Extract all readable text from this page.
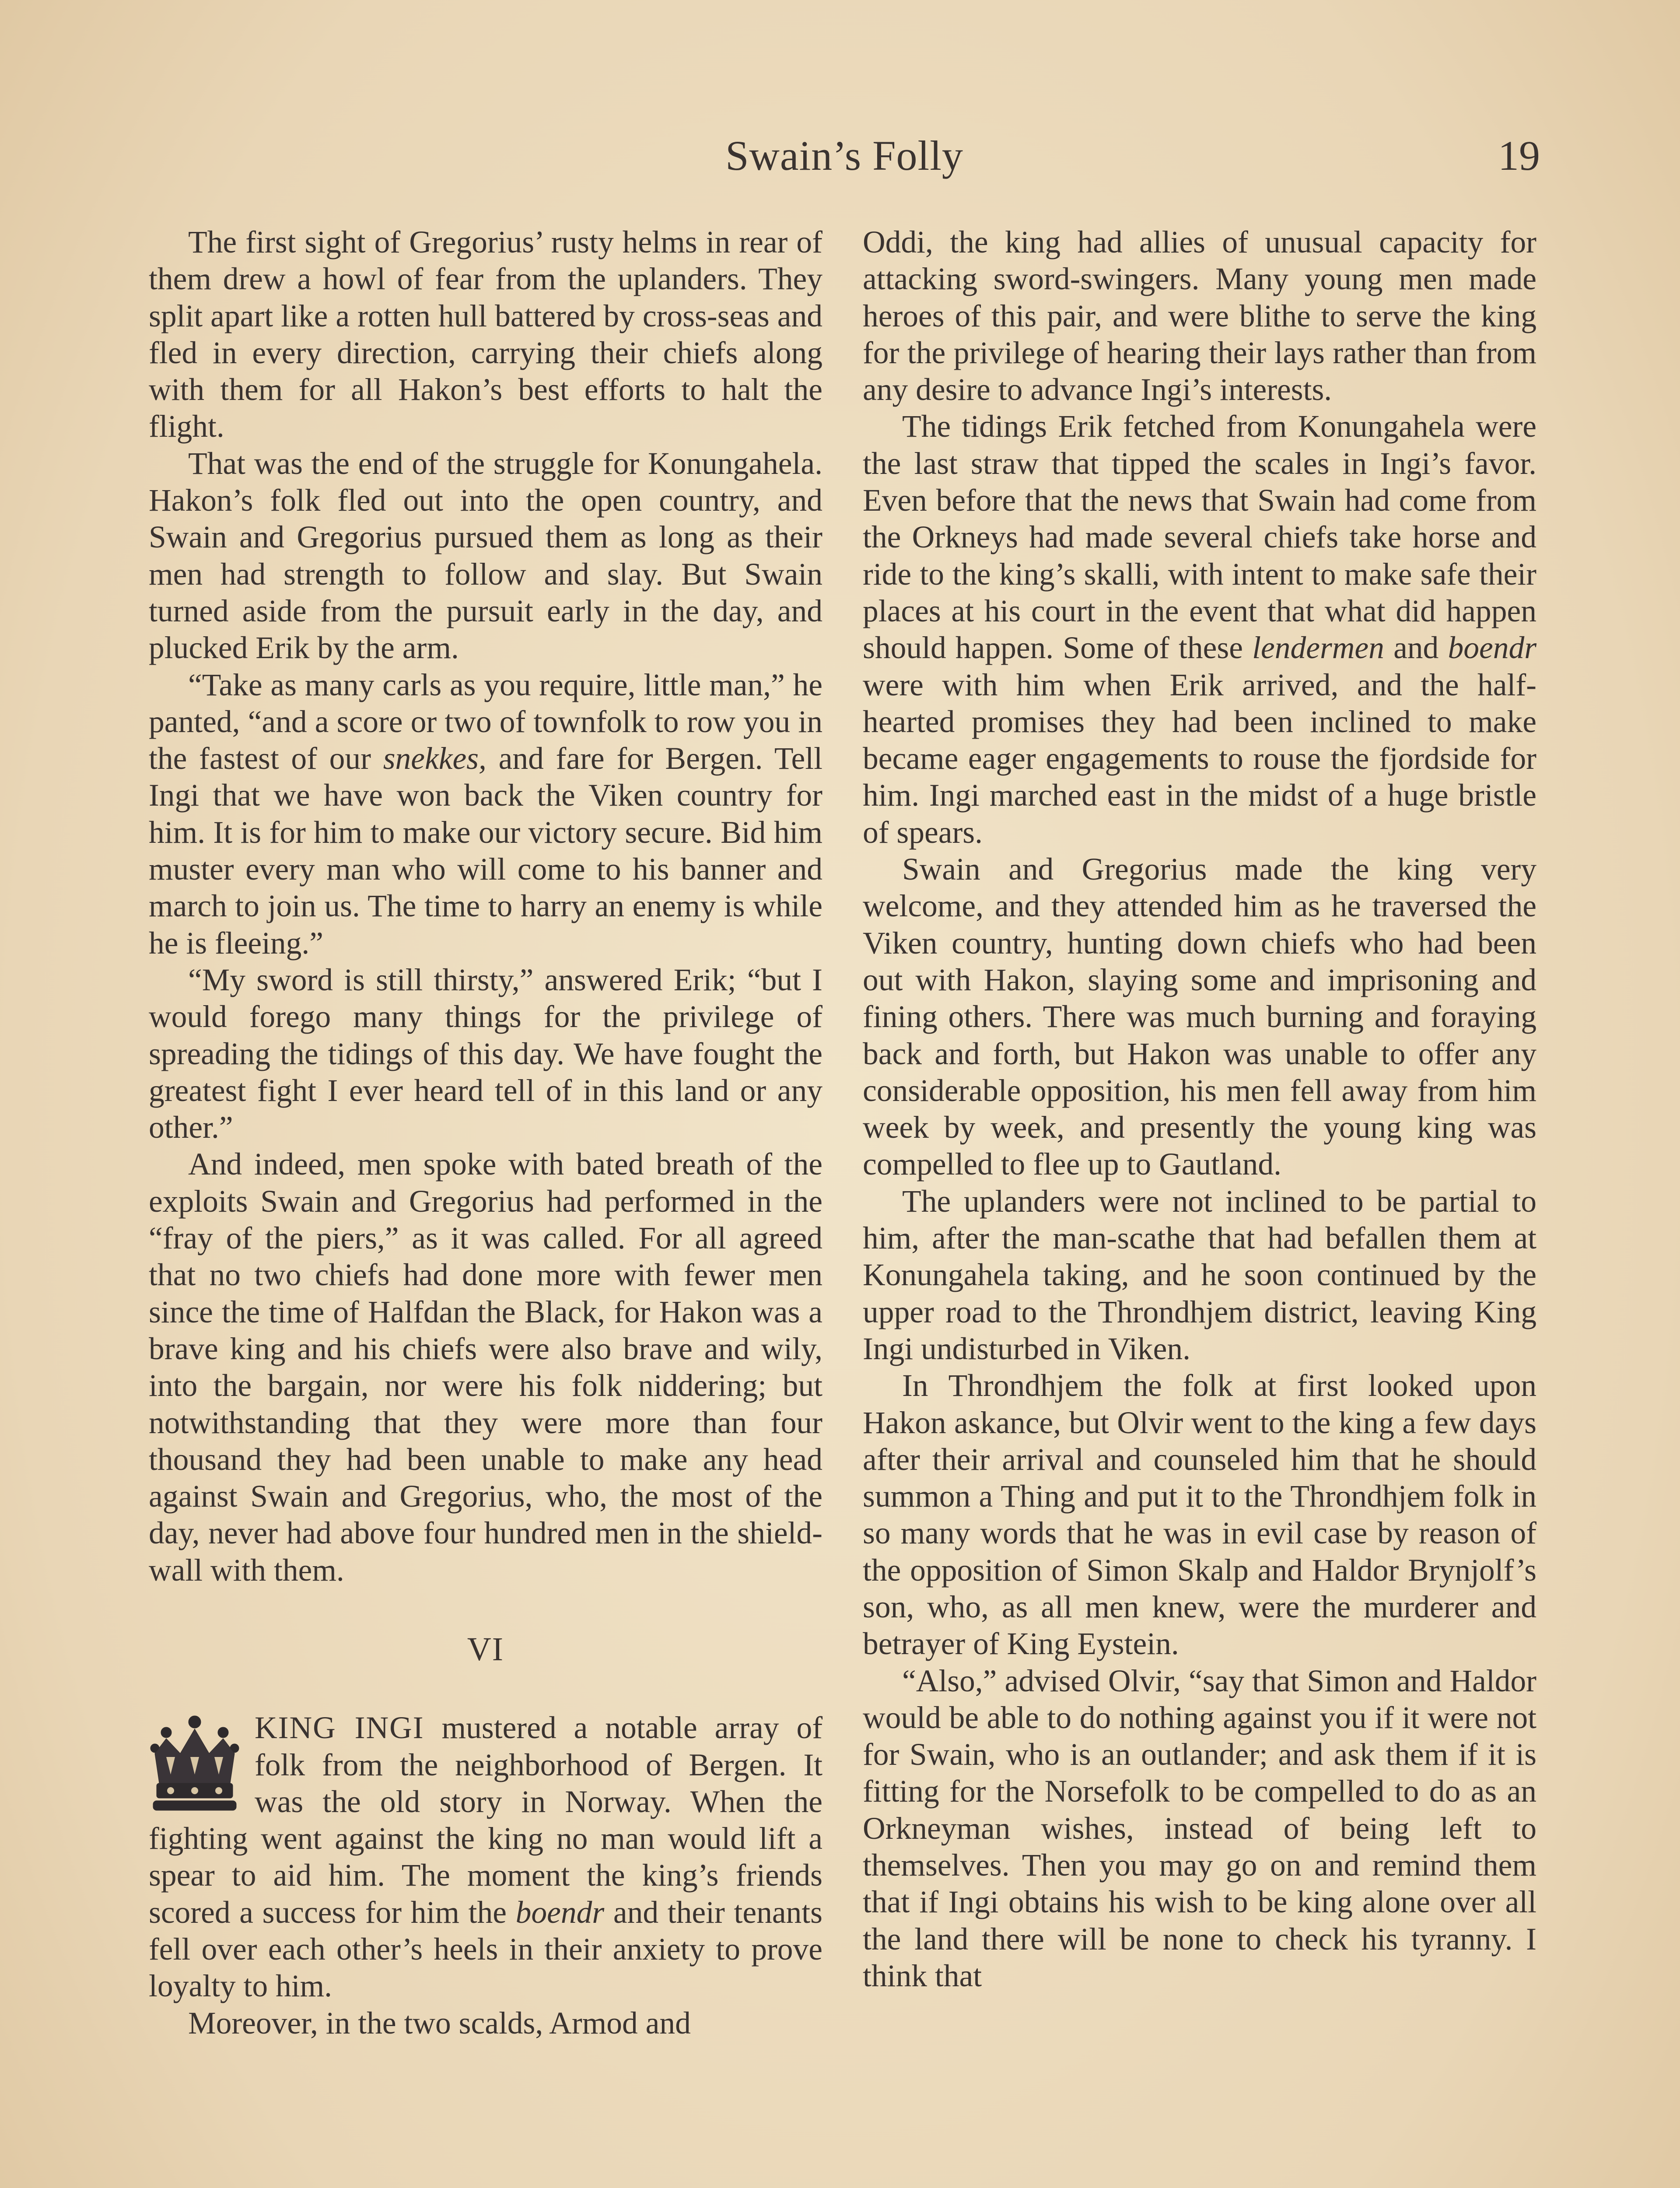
Swain’s Folly	19

The first sight of Gregorius’ rusty helms in rear of them drew a howl of fear from the uplanders. They split apart like a rotten hull battered by cross-seas and fled in every direction, carrying their chiefs along with them for all Hakon’s best efforts to halt the flight.

That was the end of the struggle for Konungahela. Hakon’s folk fled out into the open country, and Swain and Gregorius pursued them as long as their men had strength to follow and slay. But Swain turned aside from the pursuit early in the day, and plucked Erik by the arm.

“Take as many carls as you require, little man,” he panted, “and a score or two of townfolk to row you in the fastest of our snekkes, and fare for Bergen. Tell Ingi that we have won back the Viken country for him. It is for him to make our victory secure. Bid him muster every man who will come to his banner and march to join us. The time to harry an enemy is while he is fleeing.”

“My sword is still thirsty,” answered Erik; “but I would forego many things for the privilege of spreading the tidings of this day. We have fought the greatest fight I ever heard tell of in this land or any other.”

And indeed, men spoke with bated breath of the exploits Swain and Gregorius had performed in the “fray of the piers,” as it was called. For all agreed that no two chiefs had done more with fewer men since the time of Halfdan the Black, for Hakon was a brave king and his chiefs were also brave and wily, into the bargain, nor were his folk niddering; but notwithstanding that they were more than four thousand they had been unable to make any head against Swain and Gregorius, who, the most of the day, never had above four hundred men in the shield-wall with them.

VI

KING INGI mustered a notable array of folk from the neighborhood of Bergen. It was the old story in Norway. When the fighting went against the king no man would lift a spear to aid him. The moment the king’s friends scored a success for him the boendr and their tenants fell over each other’s heels in their anxiety to prove loyalty to him.

Moreover, in the two scalds, Armod and

Oddi, the king had allies of unusual capacity for attacking sword-swingers. Many young men made heroes of this pair, and were blithe to serve the king for the privilege of hearing their lays rather than from any desire to advance Ingi’s interests.

The tidings Erik fetched from Konungahela were the last straw that tipped the scales in Ingi’s favor. Even before that the news that Swain had come from the Orkneys had made several chiefs take horse and ride to the king’s skalli, with intent to make safe their places at his court in the event that what did happen should happen. Some of these lendermen and boendr were with him when Erik arrived, and the half-hearted promises they had been inclined to make became eager engagements to rouse the fjordside for him. Ingi marched east in the midst of a huge bristle of spears.

Swain and Gregorius made the king very welcome, and they attended him as he traversed the Viken country, hunting down chiefs who had been out with Hakon, slaying some and imprisoning and fining others. There was much burning and foraying back and forth, but Hakon was unable to offer any considerable opposition, his men fell away from him week by week, and presently the young king was compelled to flee up to Gautland.

The uplanders were not inclined to be partial to him, after the man-scathe that had befallen them at Konungahela taking, and he soon continued by the upper road to the Throndhjem district, leaving King Ingi undisturbed in Viken.

In Throndhjem the folk at first looked upon Hakon askance, but Olvir went to the king a few days after their arrival and counseled him that he should summon a Thing and put it to the Throndhjem folk in so many words that he was in evil case by reason of the opposition of Simon Skalp and Haldor Brynjolf’s son, who, as all men knew, were the murderer and betrayer of King Eystein.

“Also,” advised Olvir, “say that Simon and Haldor would be able to do nothing against you if it were not for Swain, who is an outlander; and ask them if it is fitting for the Norsefolk to be compelled to do as an Orkneyman wishes, instead of being left to themselves. Then you may go on and remind them that if Ingi obtains his wish to be king alone over all the land there will be none to check his tyranny. I think that
